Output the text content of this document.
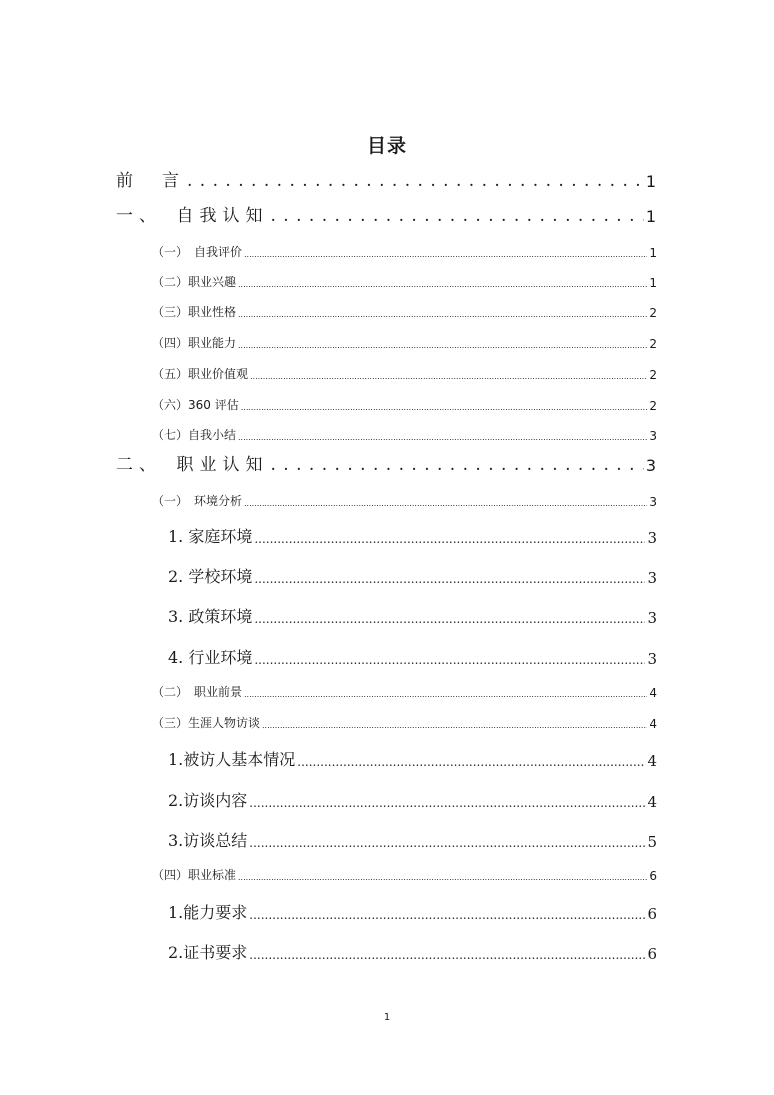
目录
前　言 . . .	1
一、　自我认知 . . .	1
（一）　自我评价 .....	1
（二）职业兴趣 .....	1
（三）职业性格 .....	2
（四）职业能力 .....	2
（五）职业价值观 .....	2
（六）360 评估 .....	2
（七）自我小结 .....	3
二、　职业认知 . . .	3
（一）　环境分析 .....	3
1. 家庭环境 .....	3
2. 学校环境 .....	3
3. 政策环境 .....	3
4. 行业环境 .....	3
（二）　职业前景 .....	4
（三）生涯人物访谈 .....	4
1.被访人基本情况 .....	4
2.访谈内容 .....	4
3.访谈总结 .....	5
（四）职业标准 .....	6
1.能力要求 .....	6
2.证书要求 .....	6
1
